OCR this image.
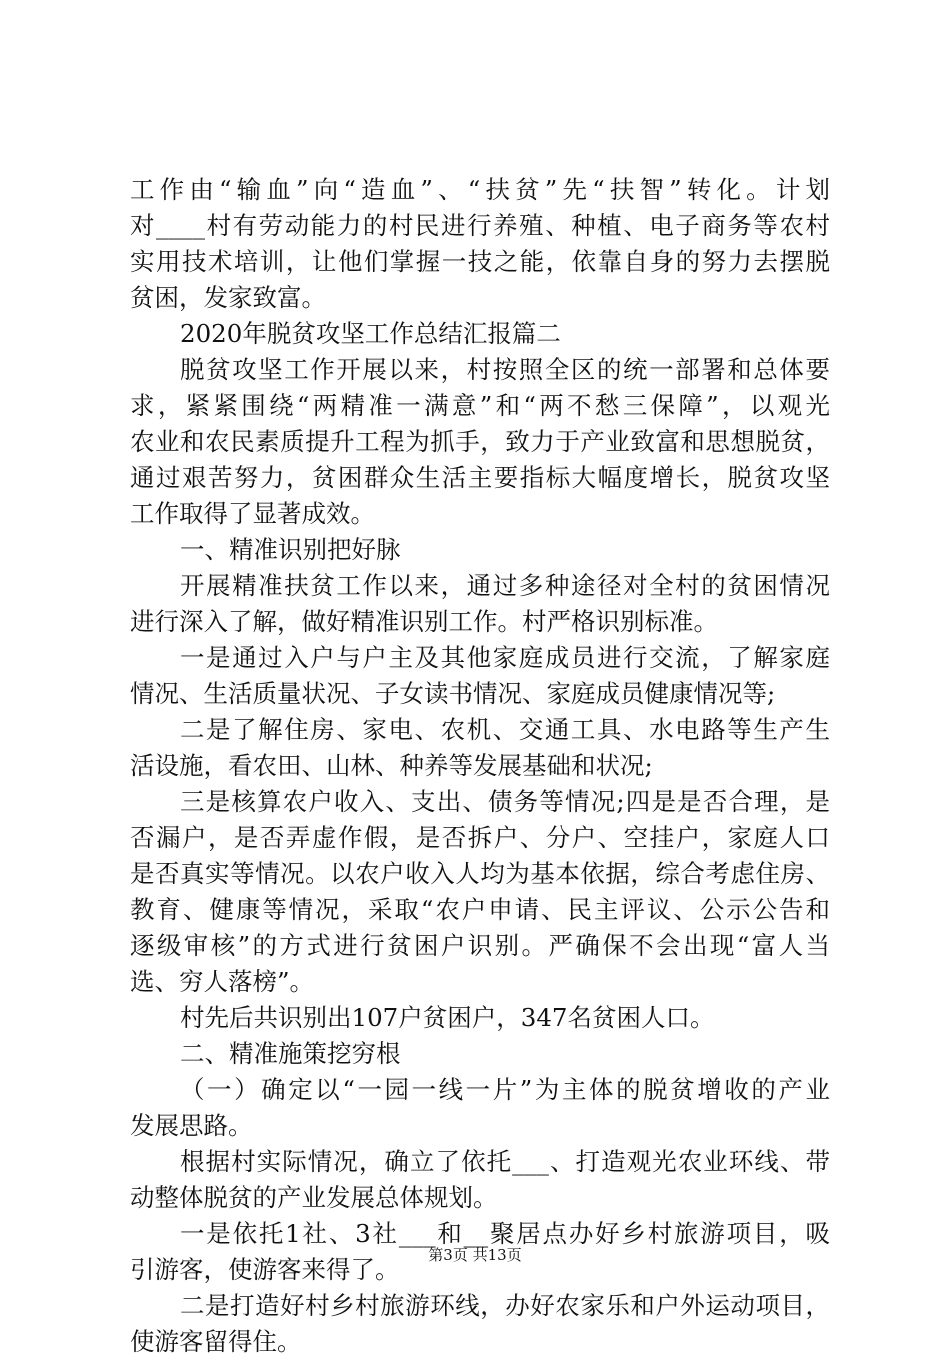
工作由“输血”向“造血”、“扶贫”先“扶智”转化。计划
对____村有劳动能力的村民进行养殖、种植、电子商务等农村
实用技术培训，让他们掌握一技之能，依靠自身的努力去摆脱
贫困，发家致富。
2020年脱贫攻坚工作总结汇报篇二
脱贫攻坚工作开展以来，村按照全区的统一部署和总体要
求，紧紧围绕“两精准一满意”和“两不愁三保障”，以观光
农业和农民素质提升工程为抓手，致力于产业致富和思想脱贫，
通过艰苦努力，贫困群众生活主要指标大幅度增长，脱贫攻坚
工作取得了显著成效。
一、精准识别把好脉
开展精准扶贫工作以来，通过多种途径对全村的贫困情况
进行深入了解，做好精准识别工作。村严格识别标准。
一是通过入户与户主及其他家庭成员进行交流，了解家庭
情况、生活质量状况、子女读书情况、家庭成员健康情况等;
二是了解住房、家电、农机、交通工具、水电路等生产生
活设施，看农田、山林、种养等发展基础和状况;
三是核算农户收入、支出、债务等情况;四是是否合理，是
否漏户，是否弄虚作假，是否拆户、分户、空挂户，家庭人口
是否真实等情况。以农户收入人均为基本依据，综合考虑住房、
教育、健康等情况，采取“农户申请、民主评议、公示公告和
逐级审核”的方式进行贫困户识别。严确保不会出现“富人当
选、穷人落榜”。
村先后共识别出107户贫困户，347名贫困人口。
二、精准施策挖穷根
（一）确定以“一园一线一片”为主体的脱贫增收的产业
发展思路。
根据村实际情况，确立了依托___、打造观光农业环线、带
动整体脱贫的产业发展总体规划。
一是依托1社、3社___和__聚居点办好乡村旅游项目，吸
引游客，使游客来得了。
二是打造好村乡村旅游环线，办好农家乐和户外运动项目，
使游客留得住。
第3页 共13页
